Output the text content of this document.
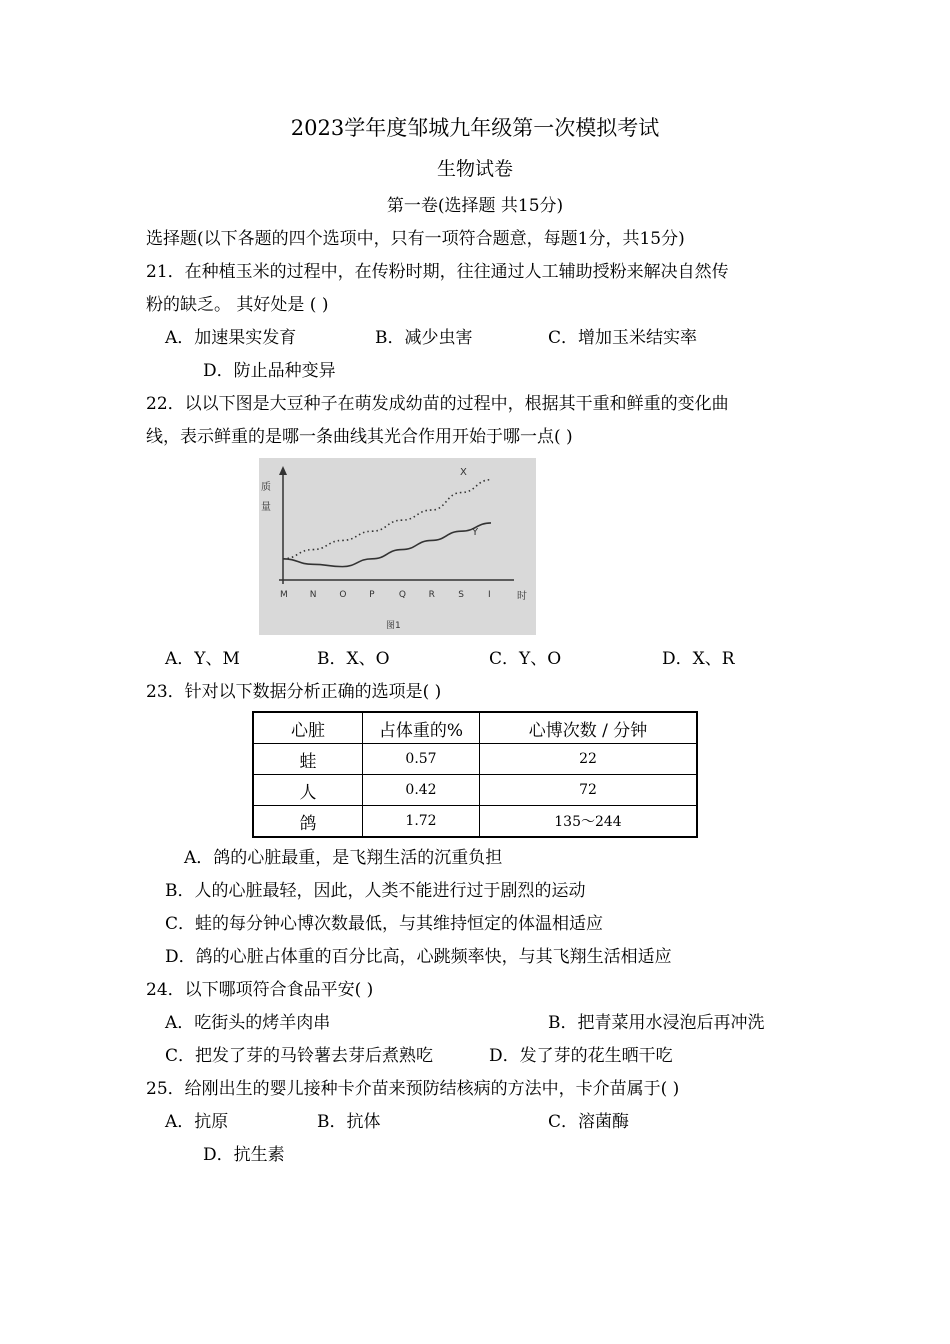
2023学年度邹城九年级第一次模拟考试
生物试卷
第一卷(选择题 共15分)
选择题(以下各题的四个选项中，只有一项符合题意，每题1分，共15分)
21．在种植玉米的过程中，在传粉时期，往往通过人工辅助授粉来解决自然传
粉的缺乏。 其好处是 ( )
A．加速果实发育	B．减少虫害	C．增加玉米结实率
D．防止品种变异
22．以以下图是大豆种子在萌发成幼苗的过程中，根据其干重和鲜重的变化曲
线，表示鲜重的是哪一条曲线其光合作用开始于哪一点( )
质
量
时
X
Y
M N	O	P	Q	R	S	I
图1
A．Y、M	B．X、O	C．Y、O	D．X、R
23．针对以下数据分析正确的选项是( )
心脏	占体重的%	心博次数 / 分钟
蛙	0.57	22
人	0.42	72
鸽	1.72	135～244
A．鸽的心脏最重，是飞翔生活的沉重负担
B．人的心脏最轻，因此，人类不能进行过于剧烈的运动
C．蛙的每分钟心博次数最低，与其维持恒定的体温相适应
D．鸽的心脏占体重的百分比高，心跳频率快，与其飞翔生活相适应
24．以下哪项符合食品平安( )
A．吃街头的烤羊肉串	B．把青菜用水浸泡后再冲洗
C．把发了芽的马铃薯去芽后煮熟吃	D．发了芽的花生晒干吃
25．给刚出生的婴儿接种卡介苗来预防结核病的方法中，卡介苗属于( )
A．抗原	B．抗体	C．溶菌酶
D．抗生素
